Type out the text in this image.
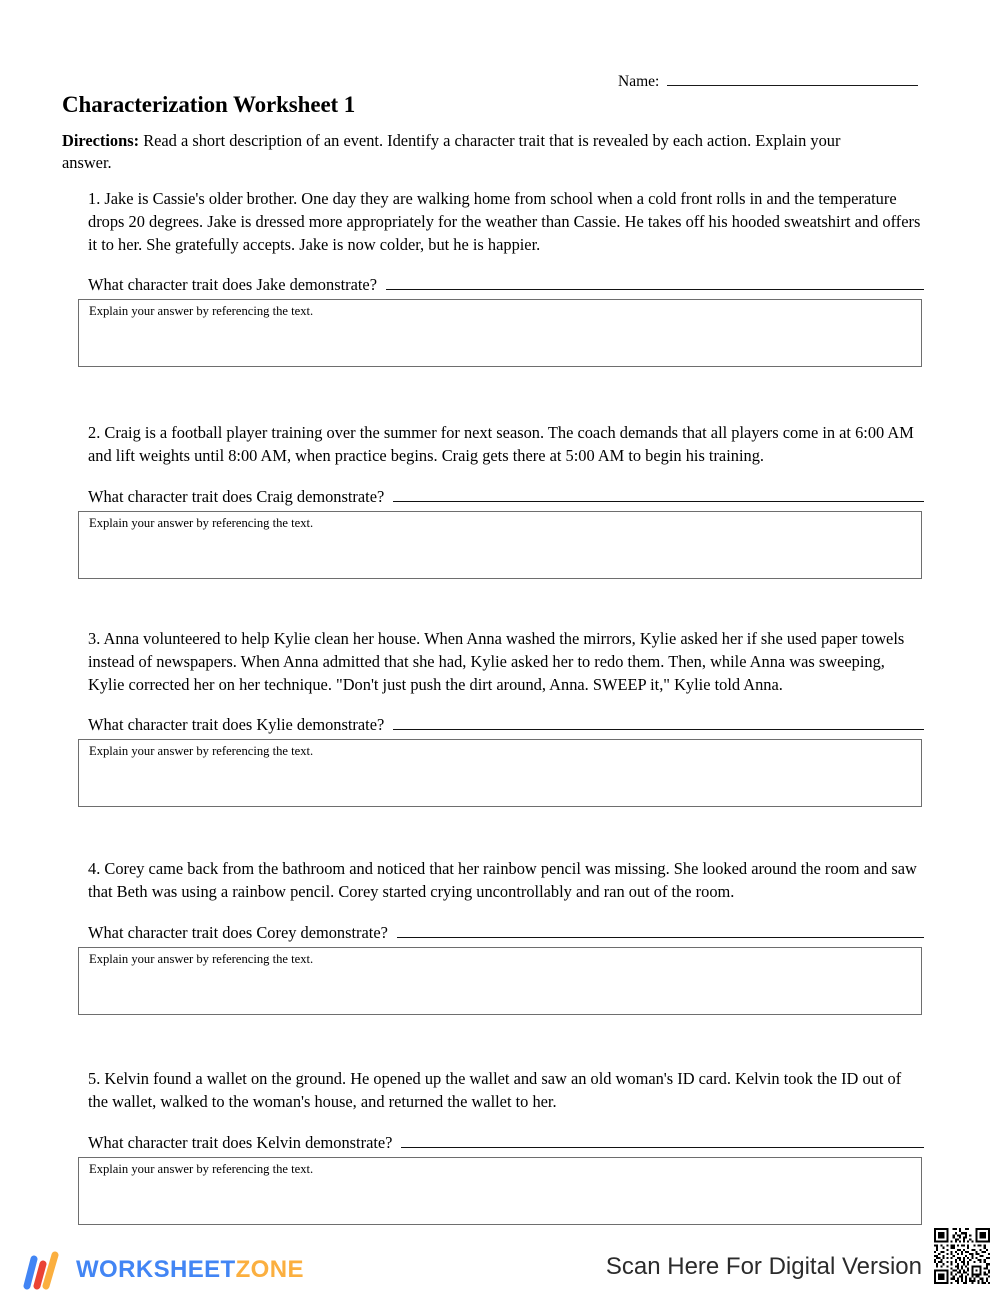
Name:
Characterization Worksheet 1
Directions: Read a short description of an event. Identify a character trait that is revealed by each action. Explain your answer.

1. Jake is Cassie's older brother. One day they are walking home from school when a cold front rolls in and the temperature drops 20 degrees. Jake is dressed more appropriately for the weather than Cassie. He takes off his hooded sweatshirt and offers it to her. She gratefully accepts. Jake is now colder, but he is happier.

What character trait does Jake demonstrate?
Explain your answer by referencing the text.

2. Craig is a football player training over the summer for next season. The coach demands that all players come in at 6:00 AM and lift weights until 8:00 AM, when practice begins. Craig gets there at 5:00 AM to begin his training.

What character trait does Craig demonstrate?
Explain your answer by referencing the text.

3. Anna volunteered to help Kylie clean her house. When Anna washed the mirrors, Kylie asked her if she used paper towels instead of newspapers. When Anna admitted that she had, Kylie asked her to redo them. Then, while Anna was sweeping, Kylie corrected her on her technique. "Don't just push the dirt around, Anna. SWEEP it," Kylie told Anna.

What character trait does Kylie demonstrate?
Explain your answer by referencing the text.

4. Corey came back from the bathroom and noticed that her rainbow pencil was missing. She looked around the room and saw that Beth was using a rainbow pencil. Corey started crying uncontrollably and ran out of the room.

What character trait does Corey demonstrate?
Explain your answer by referencing the text.

5. Kelvin found a wallet on the ground. He opened up the wallet and saw an old woman's ID card. Kelvin took the ID out of the wallet, walked to the woman's house, and returned the wallet to her.

What character trait does Kelvin demonstrate?
Explain your answer by referencing the text.
WORKSHEETZONE	Scan Here For Digital Version
